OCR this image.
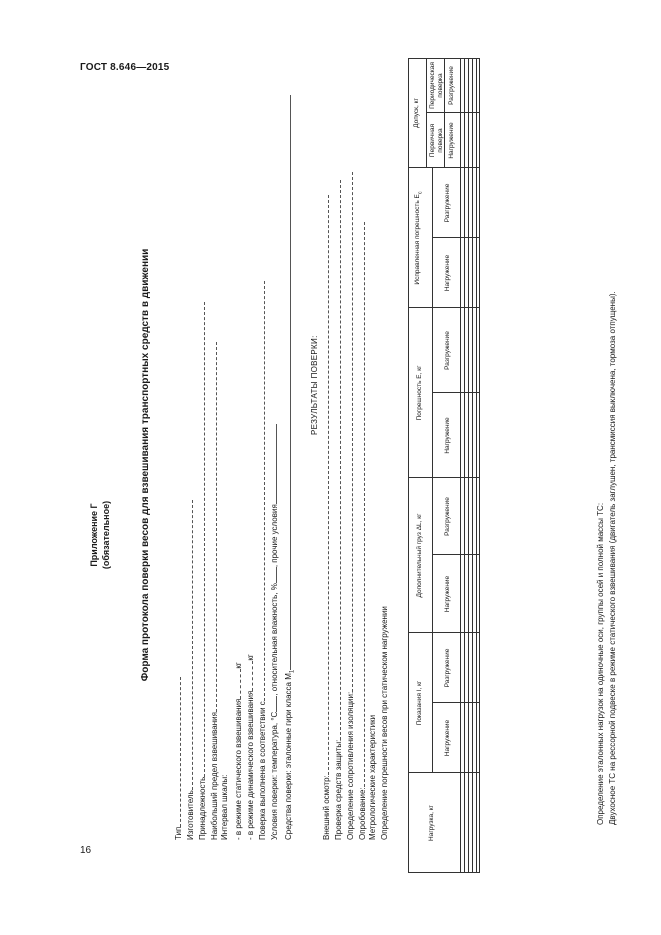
ГОСТ 8.646—2015
16
Приложение Г (обязательное)	Форма протокола поверки весов для взвешивания транспортных средств в движении
Тип Изготовитель Принадлежность Наибольший предел взвешивания Интервал шкалы: - в режиме статического взвешиваниякг
- в режиме динамического взвешиваниякг
Поверка выполнена в соответствии с Условия поверки: температура, °С, относительная влажность, %, прочие условия
Средства поверки: эталонные гири класса $М_1$
РЕЗУЛЬТАТЫ ПОВЕРКИ:
Внешний осмотр: Проверка средств защиты: Определение сопротивления изоляции: Опробование: Метрологические характеристики Определение погрешности весов при статическом нагружении	Нагрузка, кг
Показания I, кг
Дополнительный груз ΔL, кг
Погрешность E, кг
Исправленная погрешность $E_c$
Допуск, кг
Первичная поверка
Периодическая поверка
Нагружение
Разгружение
Нагружение
Разгружение
Нагружение
Разгружение
Нагружение
Разгружение
Нагружение
Разгружение
Определение эталонных нагрузок на одиночные оси, группы осей и полной массы ТС: Двухосное ТС на рессорной подвеске в режиме статического взвешивания (двигатель заглушен, трансмиссия выключена, тормоза отпущены).
